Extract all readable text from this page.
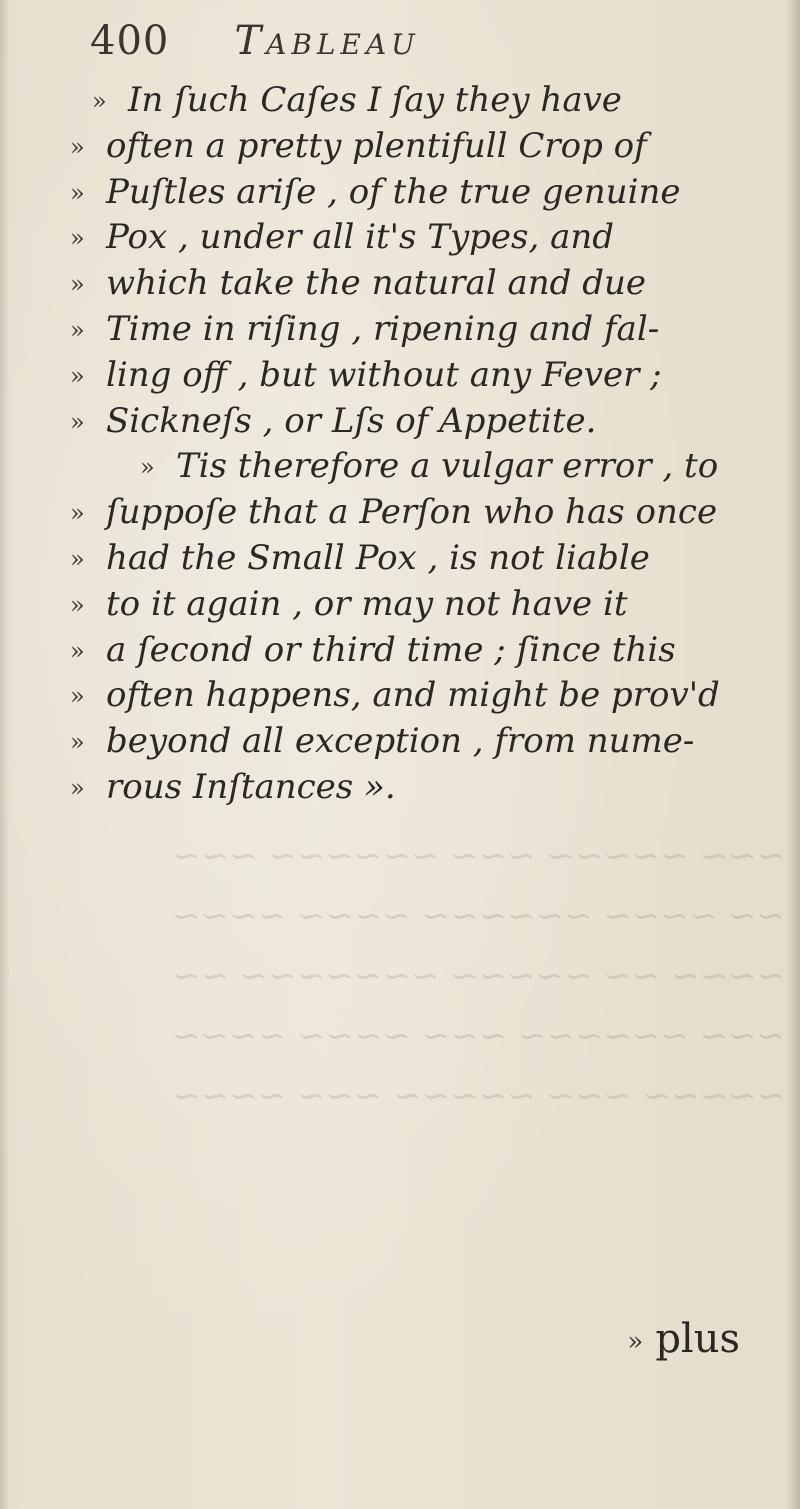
400 Tableau
» In ſuch Caſes I ſay they have
» often a pretty plentifull Crop of
» Puſtles ariſe , of the true genuine
» Pox , under all it's Types, and
» which take the natural and due
» Time in riſing , ripening and fal-
» ling off , but without any Fever ;
» Sickneſs , or Lſs of Appetite.
» Tis therefore a vulgar error , to
» ſuppoſe that a Perſon who has once
» had the Small Pox , is not liable
» to it again , or may not have it
» a ſecond or third time ; ſince this
» often happens, and might be prov'd
» beyond all exception , from nume-
» rous Inſtances ».
~~~ ~~~~~ ~~~ ~~~~~~ ~~~
~~ ~~~~ ~~~~~~ ~~~~ ~~~~
~~~~ ~~ ~~~~~ ~~~~~~~ ~~
~~~ ~~~~~~ ~~~ ~~~~ ~~~~
~~~~~ ~~~ ~~~~~ ~~~ ~~~~
» plus
